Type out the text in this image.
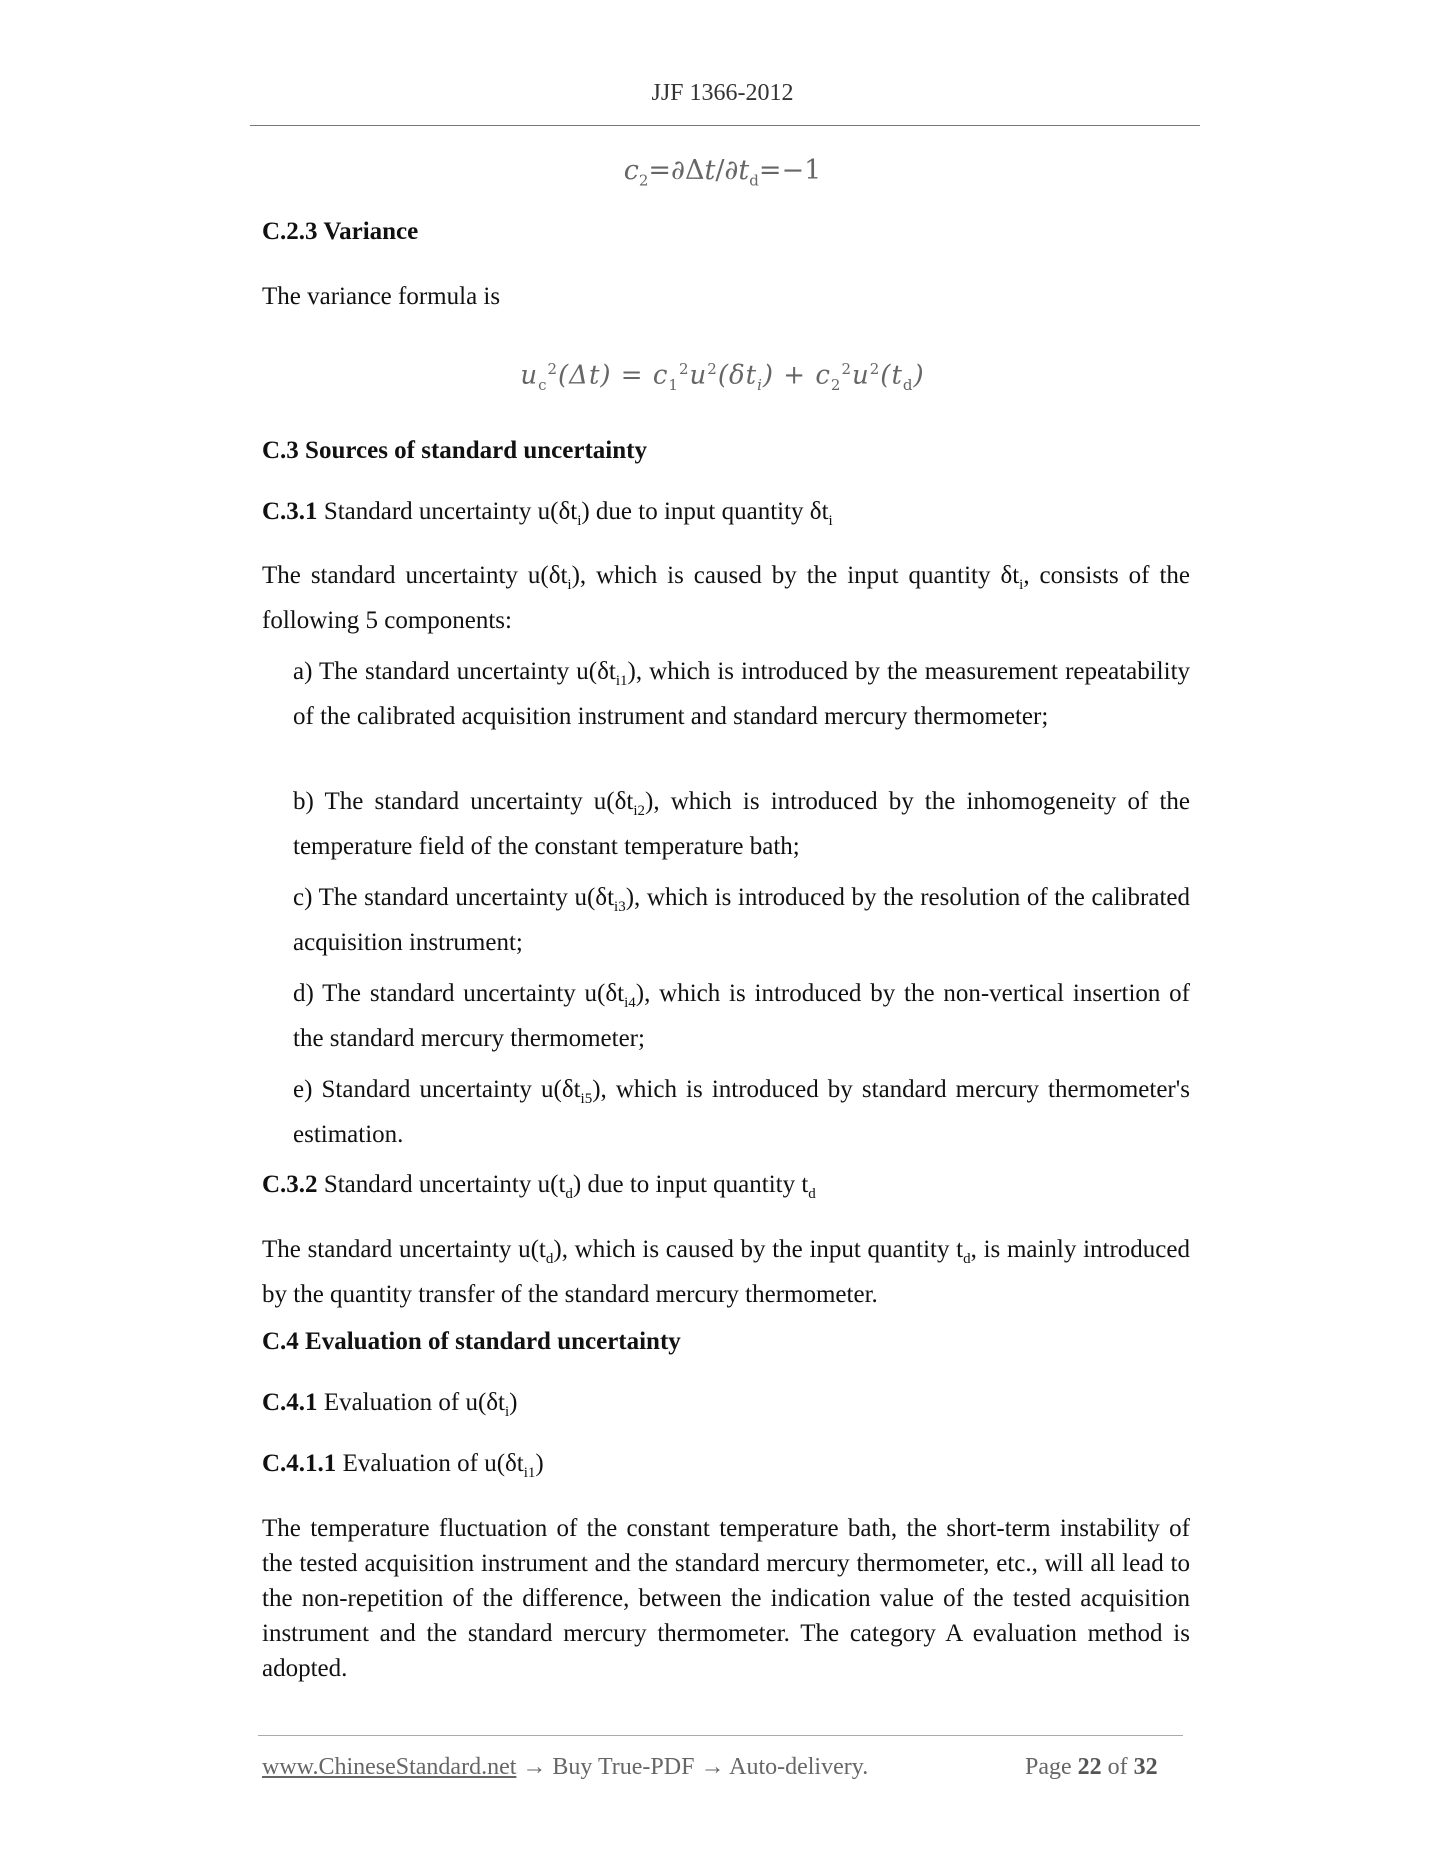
JJF 1366-2012
$c_2=\partial\Delta t/\partial t_d=-1$
C.2.3 Variance
The variance formula is
$u_c^2(\Delta t) = c_1^2u^2(\delta t_i) + c_2^2u^2(t_d)$
C.3 Sources of standard uncertainty
C.3.1 Standard uncertainty $u(\delta t_i)$ due to input quantity $\delta t_i$
The standard uncertainty $u(\delta t_i)$, which is caused by the input quantity $\delta t_i$, consists of the following 5 components:
a) The standard uncertainty $u(\delta t_{i1})$, which is introduced by the measurement repeatability of the calibrated acquisition instrument and standard mercury thermometer;
b) The standard uncertainty $u(\delta t_{i2})$, which is introduced by the inhomogeneity of the temperature field of the constant temperature bath;
c) The standard uncertainty $u(\delta t_{i3})$, which is introduced by the resolution of the calibrated acquisition instrument;
d) The standard uncertainty $u(\delta t_{i4})$, which is introduced by the non-vertical insertion of the standard mercury thermometer;
e) Standard uncertainty $u(\delta t_{i5})$, which is introduced by standard mercury thermometer's estimation.
C.3.2 Standard uncertainty $u(t_d)$ due to input quantity $t_d$
The standard uncertainty $u(t_d)$, which is caused by the input quantity $t_d$, is mainly introduced by the quantity transfer of the standard mercury thermometer.
C.4 Evaluation of standard uncertainty
C.4.1 Evaluation of $u(\delta t_i)$
C.4.1.1 Evaluation of $u(\delta t_{i1})$
The temperature fluctuation of the constant temperature bath, the short-term instability of the tested acquisition instrument and the standard mercury thermometer, etc., will all lead to the non-repetition of the difference, between the indication value of the tested acquisition instrument and the standard mercury thermometer. The category A evaluation method is adopted.
www.ChineseStandard.net → Buy True-PDF → Auto-delivery.	Page 22 of 32
